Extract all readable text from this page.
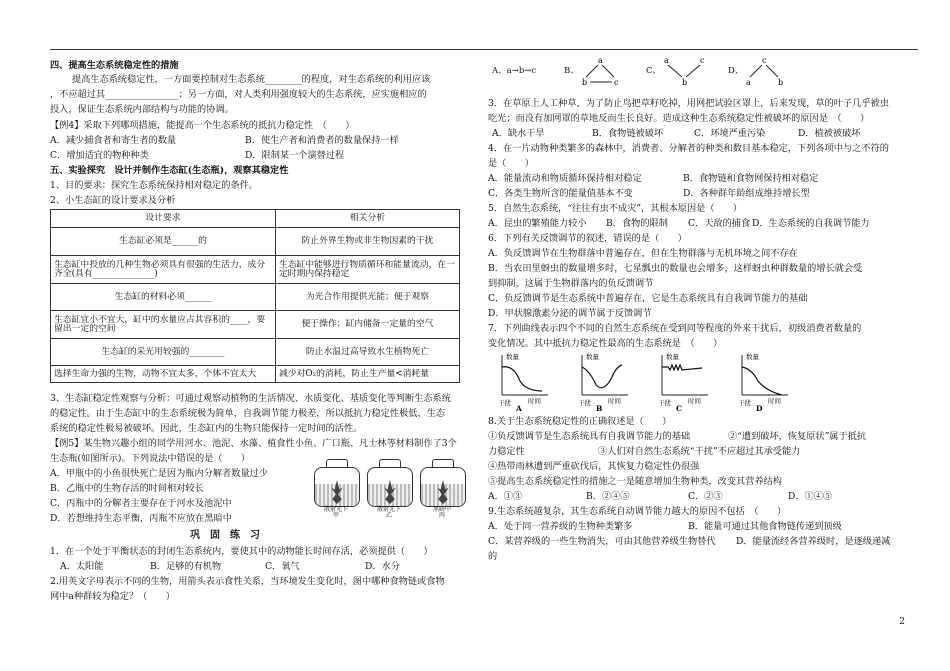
四、提高生态系统稳定性的措施
提高生态系统稳定性，一方面要控制对生态系统________的程度，对生态系统的利用应该
，不应超过其________________；另一方面，对人类利用强度较大的生态系统，应实施相应的
投入，保证生态系统内部结构与功能的协调。
【例4】采取下列哪项措施，能提高一个生态系统的抵抗力稳定性　（　　）
A．减少捕食者和寄生者的数量	B．使生产者和消费者的数量保持一样
C．增加适宜的物种种类	D．限制某一个演替过程
五、实验探究　设计并制作生态缸(生态瓶)，观察其稳定性
1、目的要求：探究生态系统保持相对稳定的条件。
2、小生态缸的设计要求及分析
设计要求	相关分析
生态缸必须是______的	防止外界生物或非生物因素的干扰
生态缸中投放的几种生物必须具有很强的生活力，成分齐全(具有______________)	生态缸中能够进行物质循环和能量流动，在一定时期内保持稳定
生态缸的材料必须______	为光合作用提供光能；便于观察
生态缸宜小不宜大，缸中的水量应占其容积的____，要留出一定的空间	便于操作；缸内储备一定量的空气
生态缸的采光用较强的________	防止水温过高导致水生植物死亡
选择生命力强的生物，动物不宜太多，个体不宜太大	减少对O₂的消耗，防止生产量<消耗量
3、生态缸稳定性观察与分析：可通过观察动植物的生活情况、水质变化、基质变化等判断生态系统
的稳定性。由于生态缸中的生态系统极为简单，自我调节能力极差，所以抵抗力稳定性极低，生态
系统的稳定性极易被破坏。因此，生态缸内的生物只能保持一定时间的活性。
【例5】某生物兴趣小组的同学用河水、池泥、水藻、植食性小鱼、广口瓶、凡士林等材料制作了3个
生态瓶(如图所示)。下列说法中错误的是（　　）
A．甲瓶中的小鱼很快死亡是因为瓶内分解者数量过少
B．乙瓶中的生物存活的时间相对较长
C．丙瓶中的分解者主要存在于河水及池泥中
D．若想维持生态平衡，丙瓶不应放在黑暗中
散射光下
甲
散射光下
乙
黑暗中
丙
巩　固　练　习
1．在一个处于平衡状态的封闭生态系统内，要使其中的动物能长时间存活，必须提供（　　）
A．太阳能	B．足够的有机物	C．氧气	D．水分
2.用英文字母表示不同的生物，用箭头表示食性关系，当环境发生变化时，图中哪种食物链或食物
网中a种群较为稳定？（　　）
A、a→b→c	B、
a
b	c
C、
a	c
b
D、
c
a	b
3．在草原上人工种草，为了防止鸟把草籽吃掉，用网把试验区罩上，后来发现，草的叶子几乎被虫
吃光；而没有加网罩的草地反而生长良好。造成这种生态系统稳定性被破坏的原因是　（　　）
A．缺水干旱	B．食物链被破坏	C．环境严重污染	D．植被被破坏
4．在一片动物种类繁多的森林中，消费者、分解者的种类和数目基本稳定，下列各项中与之不符的
是（　　）
A．能量流动和物质循环保持相对稳定	B．食物链和食物网保持相对稳定
C．各类生物所含的能量值基本不变	D．各种群年龄组成维持增长型
5．自然生态系统，“往往有虫不成灾”，其根本原因是（　　）
A．昆虫的繁殖能力较小 B．食物的限制 C．天敌的捕食 D．生态系统的自我调节能力
6．下列有关反馈调节的叙述，错误的是（　　）
A．负反馈调节在生物群落中普遍存在，但在生物群落与无机环境之间不存在
B．当农田里蚜虫的数量增多时，七星瓢虫的数量也会增多，这样蚜虫种群数量的增长就会受
到抑制，这属于生物群落内的负反馈调节
C．负反馈调节是生态系统中普遍存在，它是生态系统具有自我调节能力的基础
D．甲状腺激素分泌的调节属于反馈调节
7．下列曲线表示四个不同的自然生态系统在受到同等程度的外来干扰后，初级消费者数量的
变化情况。其中抵抗力稳定性最高的生态系统是　（　　）
数量
时间
干扰
A
数量
时间
干扰
B
数量
时间
干扰
C
数量
时间
干扰
D
8.关于生态系统稳定性的正确叙述是（　　）
①负反馈调节是生态系统具有自我调节能力的基础	②“遭到破坏，恢复原状”属于抵抗
力稳定性	③人们对自然生态系统“干扰”不应超过其承受能力
④热带雨林遭到严重砍伐后，其恢复力稳定性仍很强
⑤提高生态系统稳定性的措施之一是随意增加生物种类，改变其营养结构
A．①③	B．②④⑤	C．②③	D．①④⑤
9.生态系统越复杂，其生态系统自动调节能力越大的原因不包括　（　　）
A．处于同一营养级的生物种类繁多	B．能量可通过其他食物链传递到顶级
C．某营养级的一些生物消失，可由其他营养级生物替代 D．能量流经各营养级时，是逐级递减
的
2
